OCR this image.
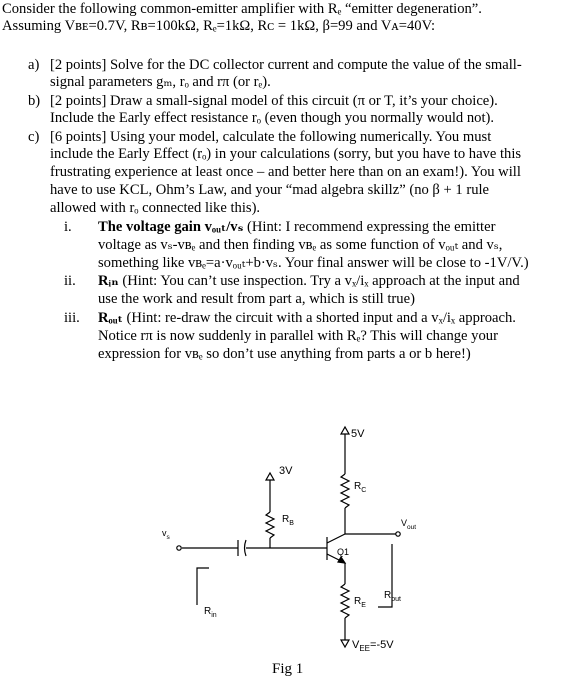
Consider the following common-emitter amplifier with Rₑ “emitter degeneration”.
Assuming Vʙᴇ=0.7V, Rʙ=100kΩ, Rₑ=1kΩ, Rᴄ = 1kΩ, β=99 and Vᴀ=40V:
a) [2 points] Solve for the DC collector current and compute the value of the small-
signal parameters gₘ, rₒ and rπ (or rₑ).
b) [2 points] Draw a small-signal model of this circuit (π or T, it’s your choice).
Include the Early effect resistance rₒ (even though you normally would not).
c) [6 points] Using your model, calculate the following numerically. You must
include the Early Effect (rₒ) in your calculations (sorry, but you have to have this
frustrating experience at least once – and better here than on an exam!). You will
have to use KCL, Ohm’s Law, and your “mad algebra skillz” (no β + 1 rule
allowed with rₒ connected like this).
i. The voltage gain vₒᵤₜ/vₛ (Hint: I recommend expressing the emitter
voltage as vₛ-vʙₑ and then finding vʙₑ as some function of vₒᵤₜ and vₛ,
something like vʙₑ=a·vₒᵤₜ+b·vₛ. Your final answer will be close to -1V/V.)
ii. Rᵢₙ (Hint: You can’t use inspection. Try a vₓ/iₓ approach at the input and
use the work and result from part a, which is still true)
iii. Rₒᵤₜ (Hint: re-draw the circuit with a shorted input and a vₓ/iₓ approach.
Notice rπ is now suddenly in parallel with Rₑ? This will change your
expression for vʙₑ so don’t use anything from parts a or b here!)
5V
3V
$R_C$
$R_B$
$R_E$
Q1
$v_s$
$V_{out}$
$R_{in}$
$R_{out}$
$V_{EE}=-5V$
Fig 1
